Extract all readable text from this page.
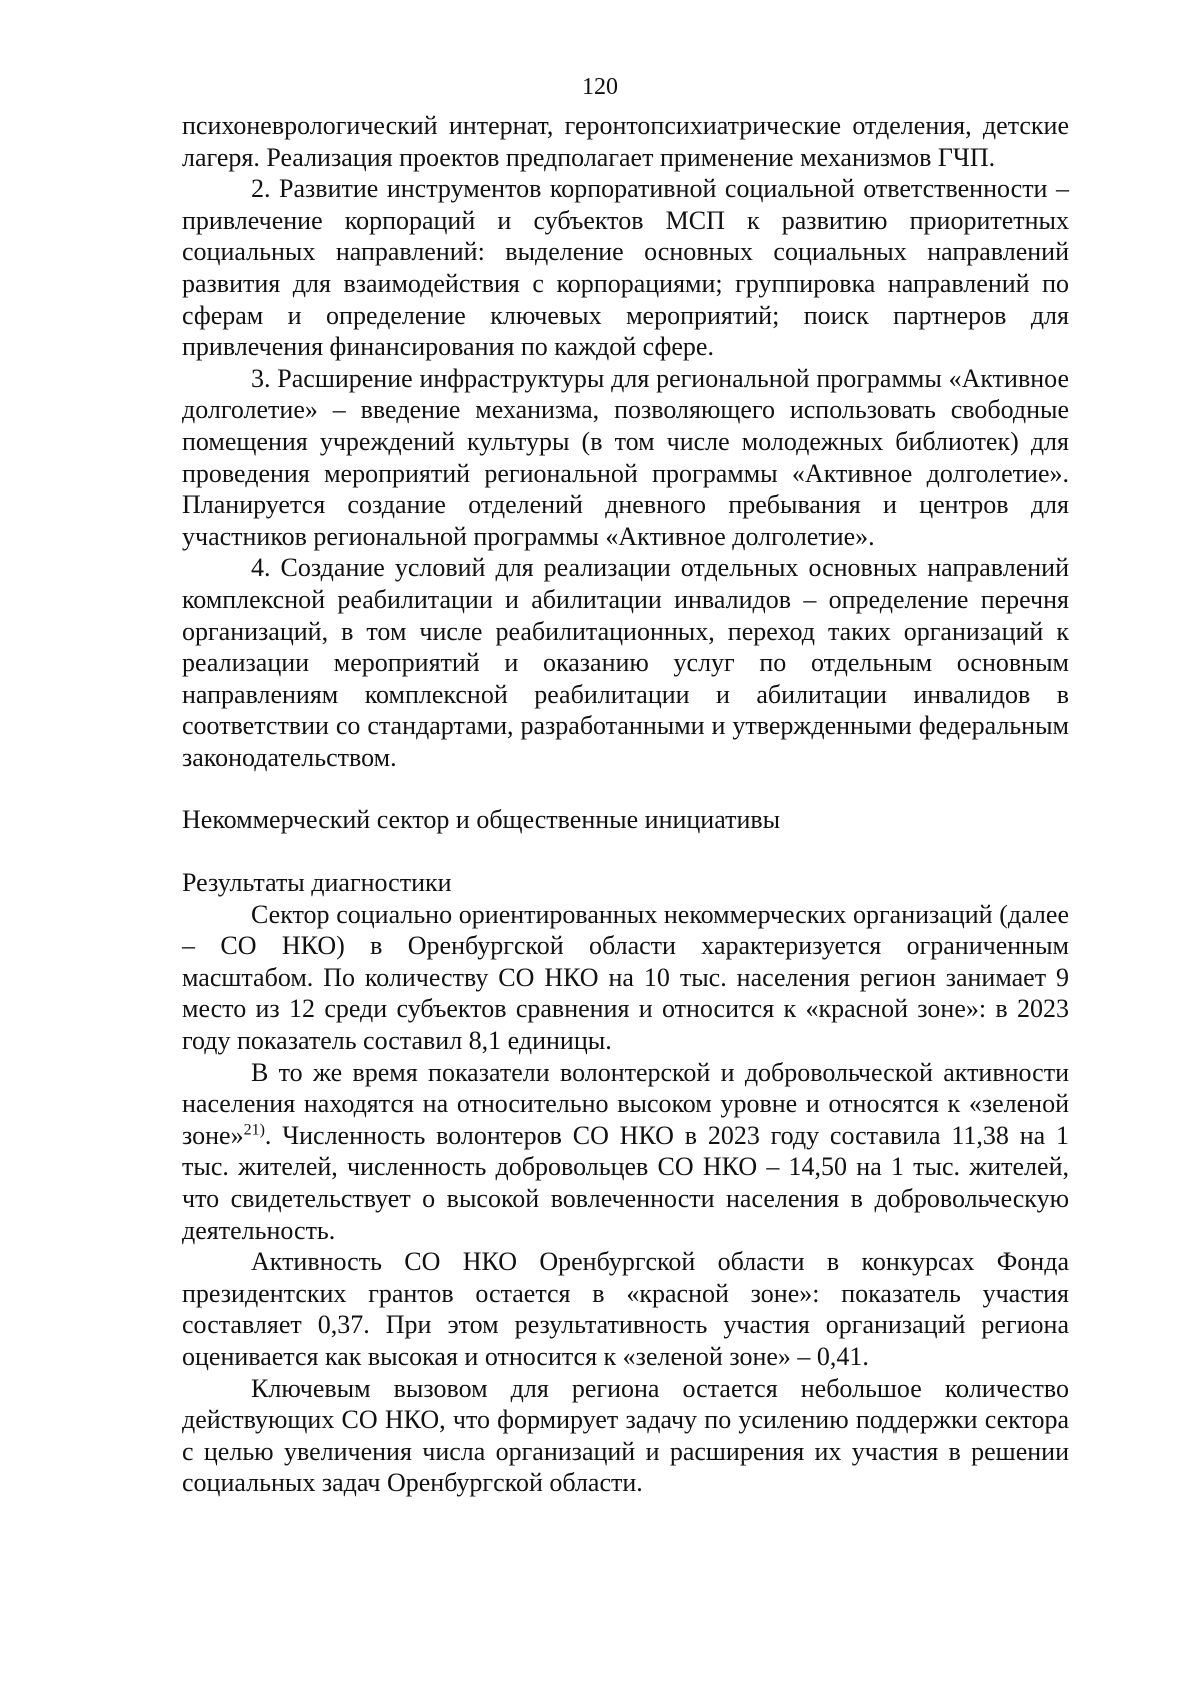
120

психоневрологический интернат, геронтопсихиатрические отделения, детские лагеря. Реализация проектов предполагает применение механизмов ГЧП.

2. Развитие инструментов корпоративной социальной ответственности – привлечение корпораций и субъектов МСП к развитию приоритетных социальных направлений: выделение основных социальных направлений развития для взаимодействия с корпорациями; группировка направлений по сферам и определение ключевых мероприятий; поиск партнеров для привлечения финансирования по каждой сфере.

3. Расширение инфраструктуры для региональной программы «Активное долголетие» – введение механизма, позволяющего использовать свободные помещения учреждений культуры (в том числе молодежных библиотек) для проведения мероприятий региональной программы «Активное долголетие». Планируется создание отделений дневного пребывания и центров для участников региональной программы «Активное долголетие».

4. Создание условий для реализации отдельных основных направлений комплексной реабилитации и абилитации инвалидов – определение перечня организаций, в том числе реабилитационных, переход таких организаций к реализации мероприятий и оказанию услуг по отдельным основным направлениям комплексной реабилитации и абилитации инвалидов в соответствии со стандартами, разработанными и утвержденными федеральным законодательством.

Некоммерческий сектор и общественные инициативы

Результаты диагностики

Сектор социально ориентированных некоммерческих организаций (далее – СО НКО) в Оренбургской области характеризуется ограниченным масштабом. По количеству СО НКО на 10 тыс. населения регион занимает 9 место из 12 среди субъектов сравнения и относится к «красной зоне»: в 2023 году показатель составил 8,1 единицы.

В то же время показатели волонтерской и добровольческой активности населения находятся на относительно высоком уровне и относятся к «зеленой зоне»$^{21)}$. Численность волонтеров СО НКО в 2023 году составила 11,38 на 1 тыс. жителей, численность добровольцев СО НКО – 14,50 на 1 тыс. жителей, что свидетельствует о высокой вовлеченности населения в добровольческую деятельность.

Активность СО НКО Оренбургской области в конкурсах Фонда президентских грантов остается в «красной зоне»: показатель участия составляет 0,37. При этом результативность участия организаций региона оценивается как высокая и относится к «зеленой зоне» – 0,41.

Ключевым вызовом для региона остается небольшое количество действующих СО НКО, что формирует задачу по усилению поддержки сектора с целью увеличения числа организаций и расширения их участия в решении социальных задач Оренбургской области.
